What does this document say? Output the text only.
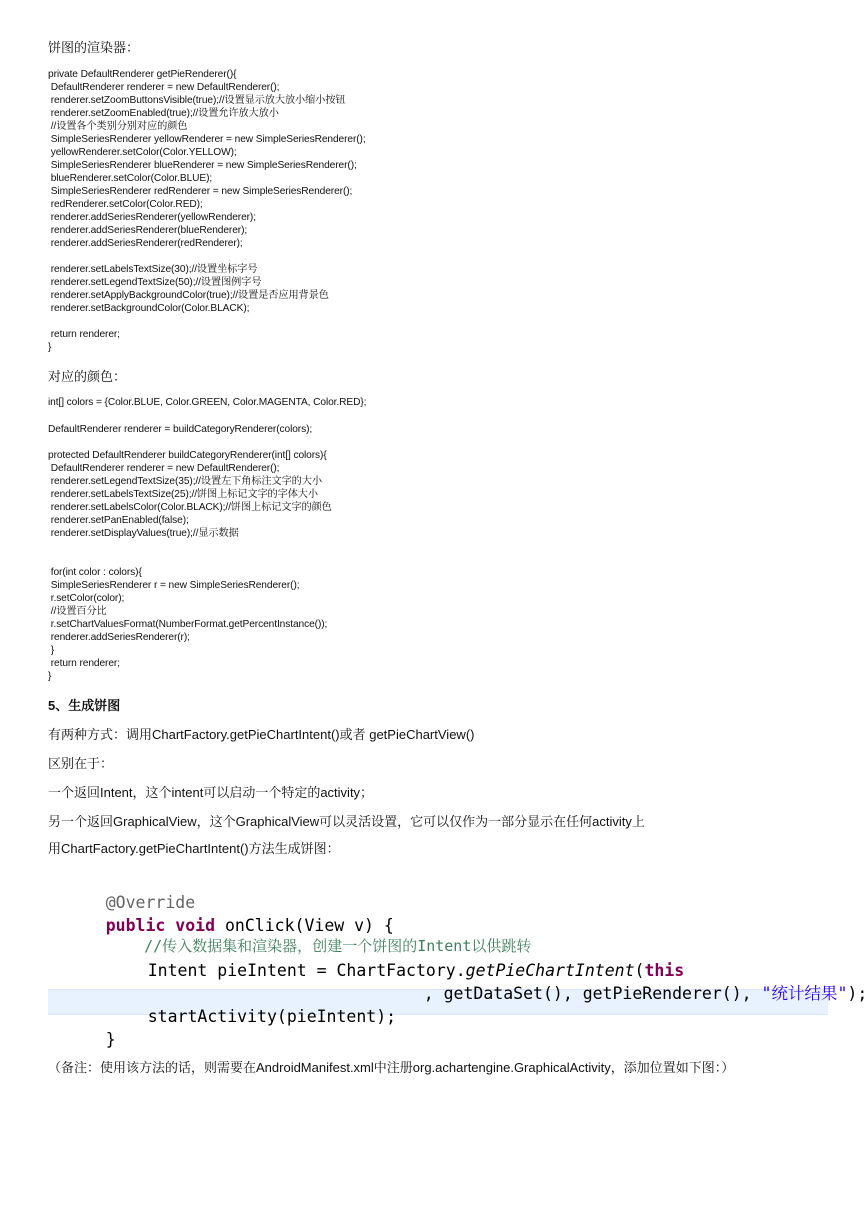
饼图的渲染器：
private DefaultRenderer getPieRenderer(){
DefaultRenderer renderer = new DefaultRenderer();
renderer.setZoomButtonsVisible(true);//设置显示放大放小缩小按钮
renderer.setZoomEnabled(true);//设置允许放大放小
//设置各个类别分别对应的颜色
SimpleSeriesRenderer yellowRenderer = new SimpleSeriesRenderer();
yellowRenderer.setColor(Color.YELLOW);
SimpleSeriesRenderer blueRenderer = new SimpleSeriesRenderer();
blueRenderer.setColor(Color.BLUE);
SimpleSeriesRenderer redRenderer = new SimpleSeriesRenderer();
redRenderer.setColor(Color.RED);
renderer.addSeriesRenderer(yellowRenderer);
renderer.addSeriesRenderer(blueRenderer);
renderer.addSeriesRenderer(redRenderer);
renderer.setLabelsTextSize(30);//设置坐标字号
renderer.setLegendTextSize(50);//设置图例字号
renderer.setApplyBackgroundColor(true);//设置是否应用背景色
renderer.setBackgroundColor(Color.BLACK);
return renderer;
}
对应的颜色：
int[] colors = {Color.BLUE, Color.GREEN, Color.MAGENTA, Color.RED};
DefaultRenderer renderer = buildCategoryRenderer(colors);
protected DefaultRenderer buildCategoryRenderer(int[] colors){
DefaultRenderer renderer = new DefaultRenderer();
renderer.setLegendTextSize(35);//设置左下角标注文字的大小
renderer.setLabelsTextSize(25);//饼图上标记文字的字体大小
renderer.setLabelsColor(Color.BLACK);//饼图上标记文字的颜色
renderer.setPanEnabled(false);
renderer.setDisplayValues(true);//显示数据
for(int color : colors){
SimpleSeriesRenderer r = new SimpleSeriesRenderer();
r.setColor(color);
//设置百分比
r.setChartValuesFormat(NumberFormat.getPercentInstance());
renderer.addSeriesRenderer(r);
}
return renderer;
}
5、生成饼图
有两种方式：调用ChartFactory.getPieChartIntent()或者 getPieChartView()
区别在于：
一个返回Intent，这个intent可以启动一个特定的activity；
另一个返回GraphicalView，这个GraphicalView可以灵活设置，它可以仅作为一部分显示在任何activity上
用ChartFactory.getPieChartIntent()方法生成饼图：

@Override

public void onClick(View v) {

//传入数据集和渲染器，创建一个饼图的Intent以供跳转

Intent pieIntent = ChartFactory.getPieChartIntent(this

, getDataSet(), getPieRenderer(), "统计结果");

startActivity(pieIntent);

}

（备注：使用该方法的话，则需要在AndroidManifest.xml中注册org.achartengine.GraphicalActivity，添加位置如下图：）
